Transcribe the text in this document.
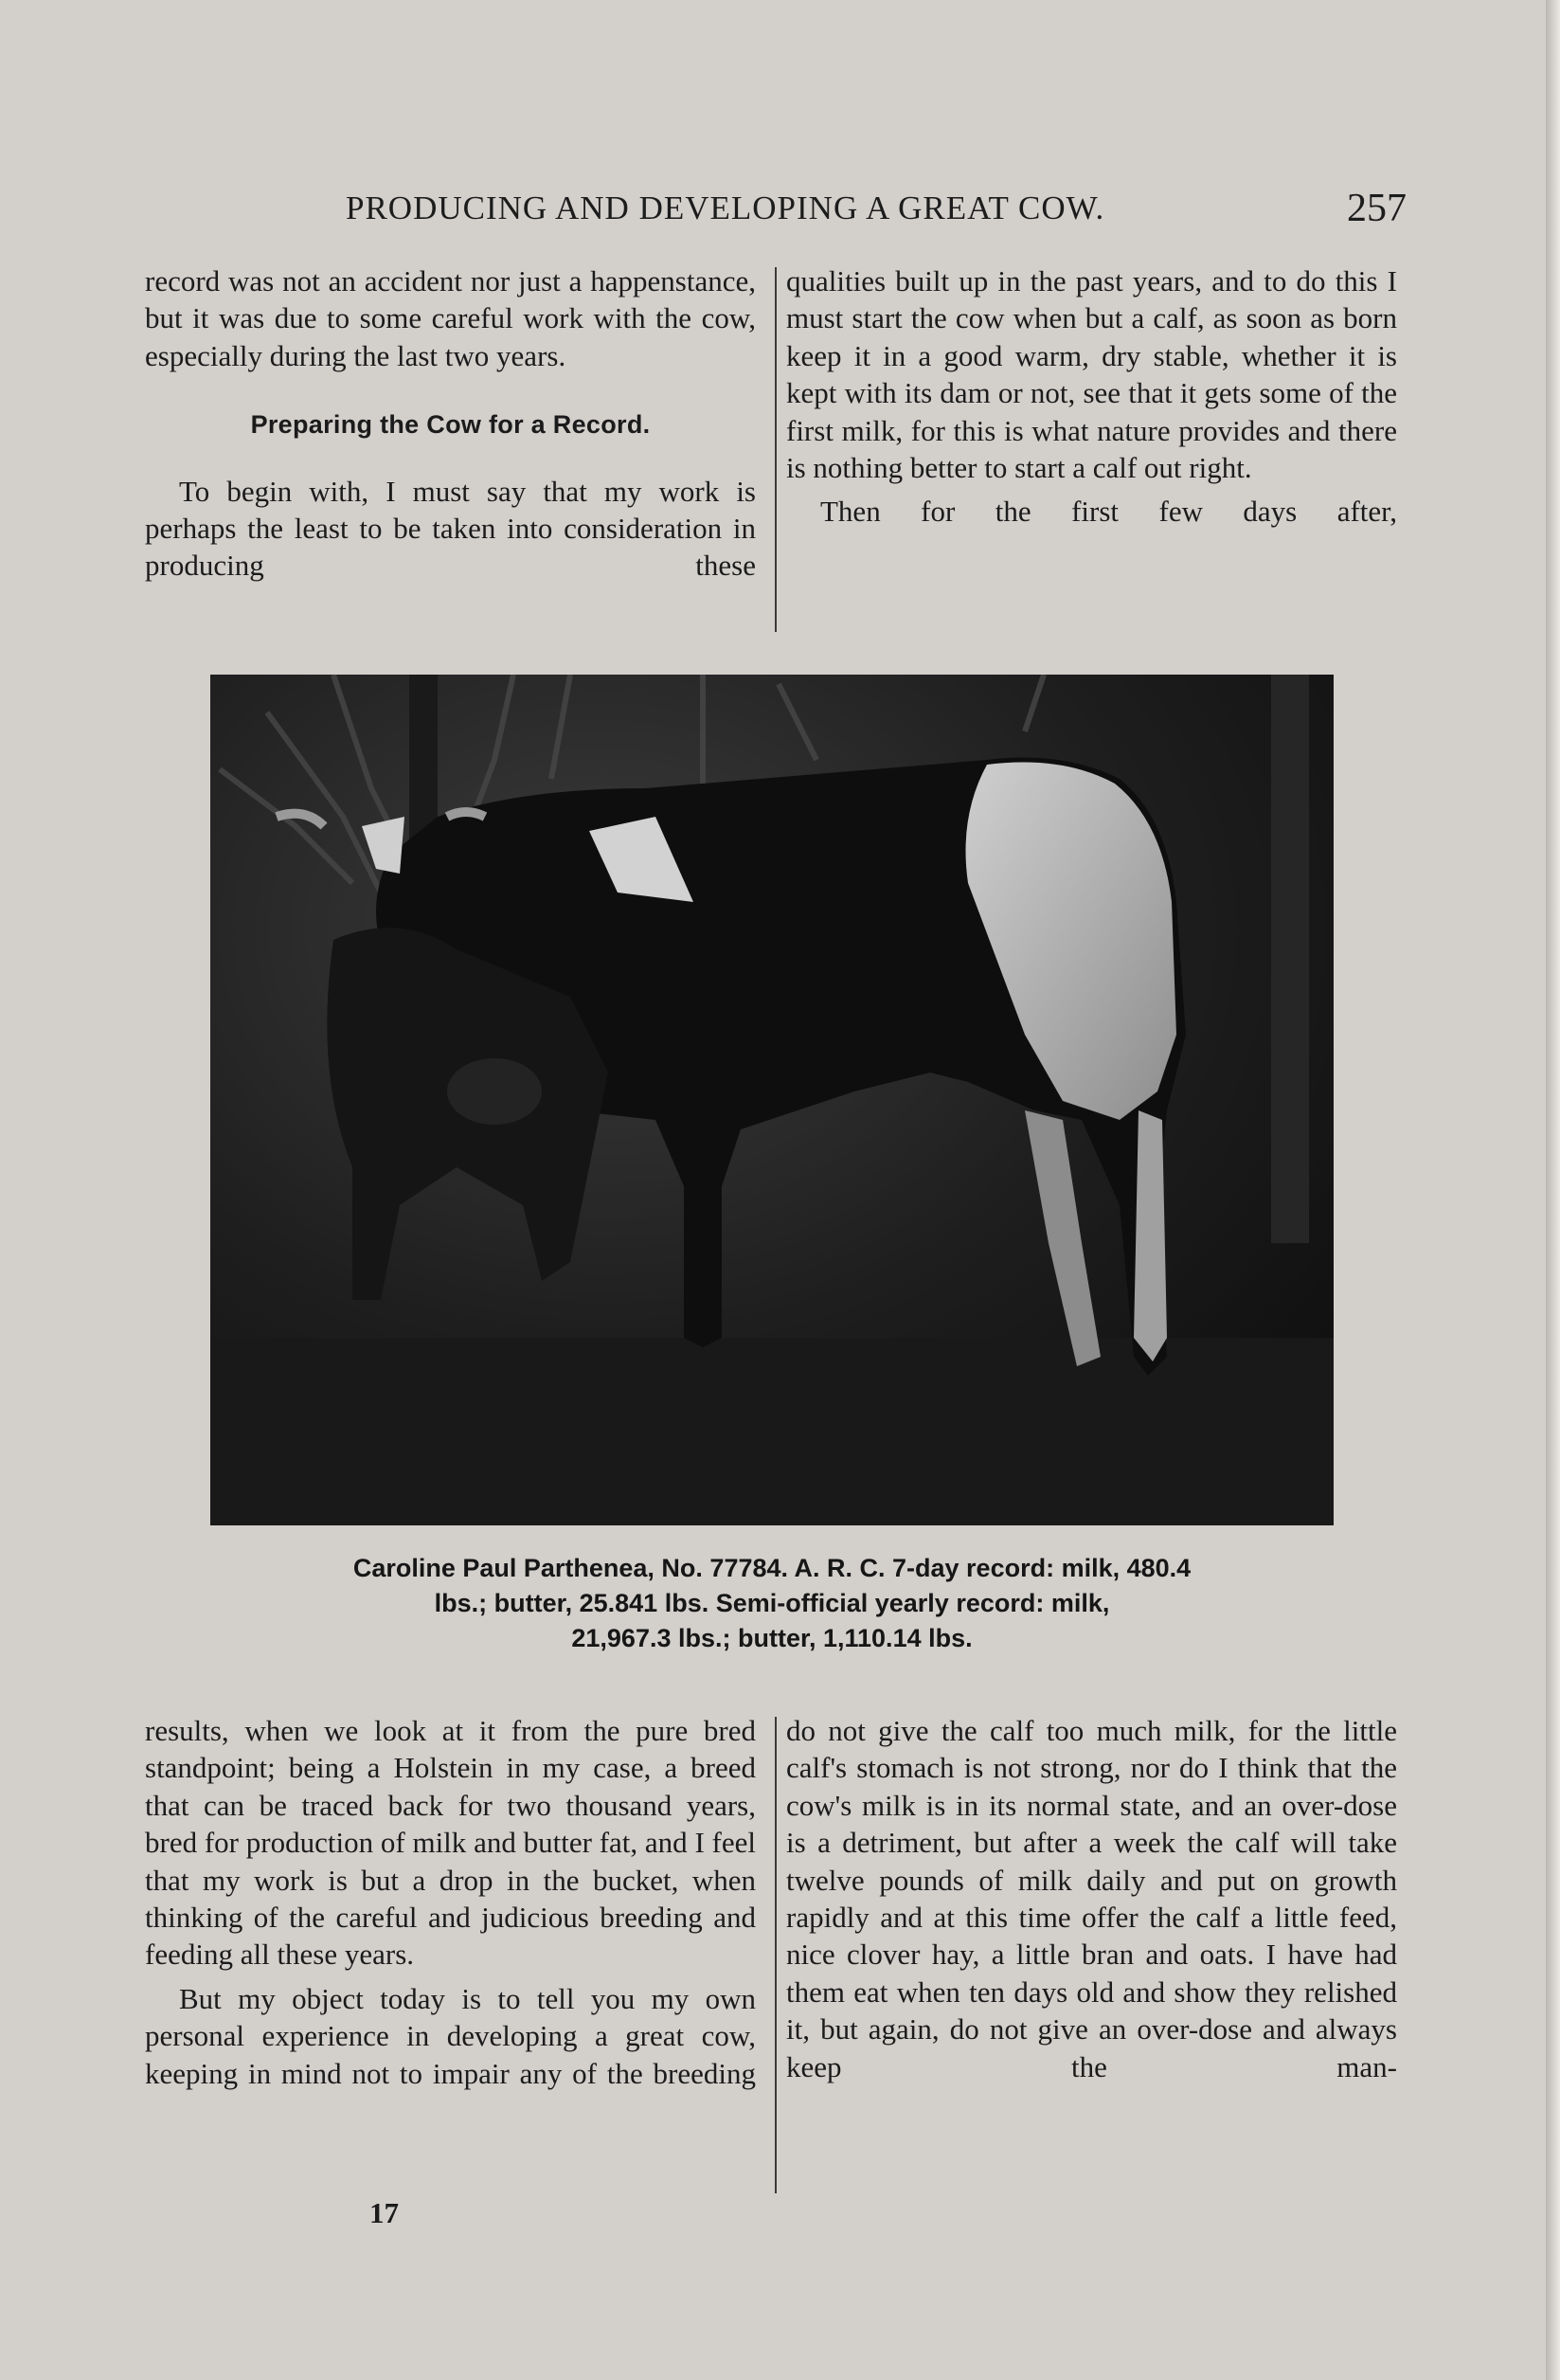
PRODUCING AND DEVELOPING A GREAT COW.	257

record was not an accident nor just a happenstance, but it was due to some careful work with the cow, especially during the last two years.

Preparing the Cow for a Record.

To begin with, I must say that my work is perhaps the least to be taken into consideration in producing these

qualities built up in the past years, and to do this I must start the cow when but a calf, as soon as born keep it in a good warm, dry stable, whether it is kept with its dam or not, see that it gets some of the first milk, for this is what nature provides and there is nothing better to start a calf out right.

Then for the first few days after,

Caroline Paul Parthenea, No. 77784. A. R. C. 7-day record: milk, 480.4
lbs.; butter, 25.841 lbs. Semi-official yearly record: milk,
21,967.3 lbs.; butter, 1,110.14 lbs.

results, when we look at it from the pure bred standpoint; being a Holstein in my case, a breed that can be traced back for two thousand years, bred for production of milk and butter fat, and I feel that my work is but a drop in the bucket, when thinking of the careful and judicious breeding and feeding all these years.

But my object today is to tell you my own personal experience in developing a great cow, keeping in mind not to impair any of the breeding

do not give the calf too much milk, for the little calf's stomach is not strong, nor do I think that the cow's milk is in its normal state, and an over-dose is a detriment, but after a week the calf will take twelve pounds of milk daily and put on growth rapidly and at this time offer the calf a little feed, nice clover hay, a little bran and oats. I have had them eat when ten days old and show they relished it, but again, do not give an over-dose and always keep the man-

17
